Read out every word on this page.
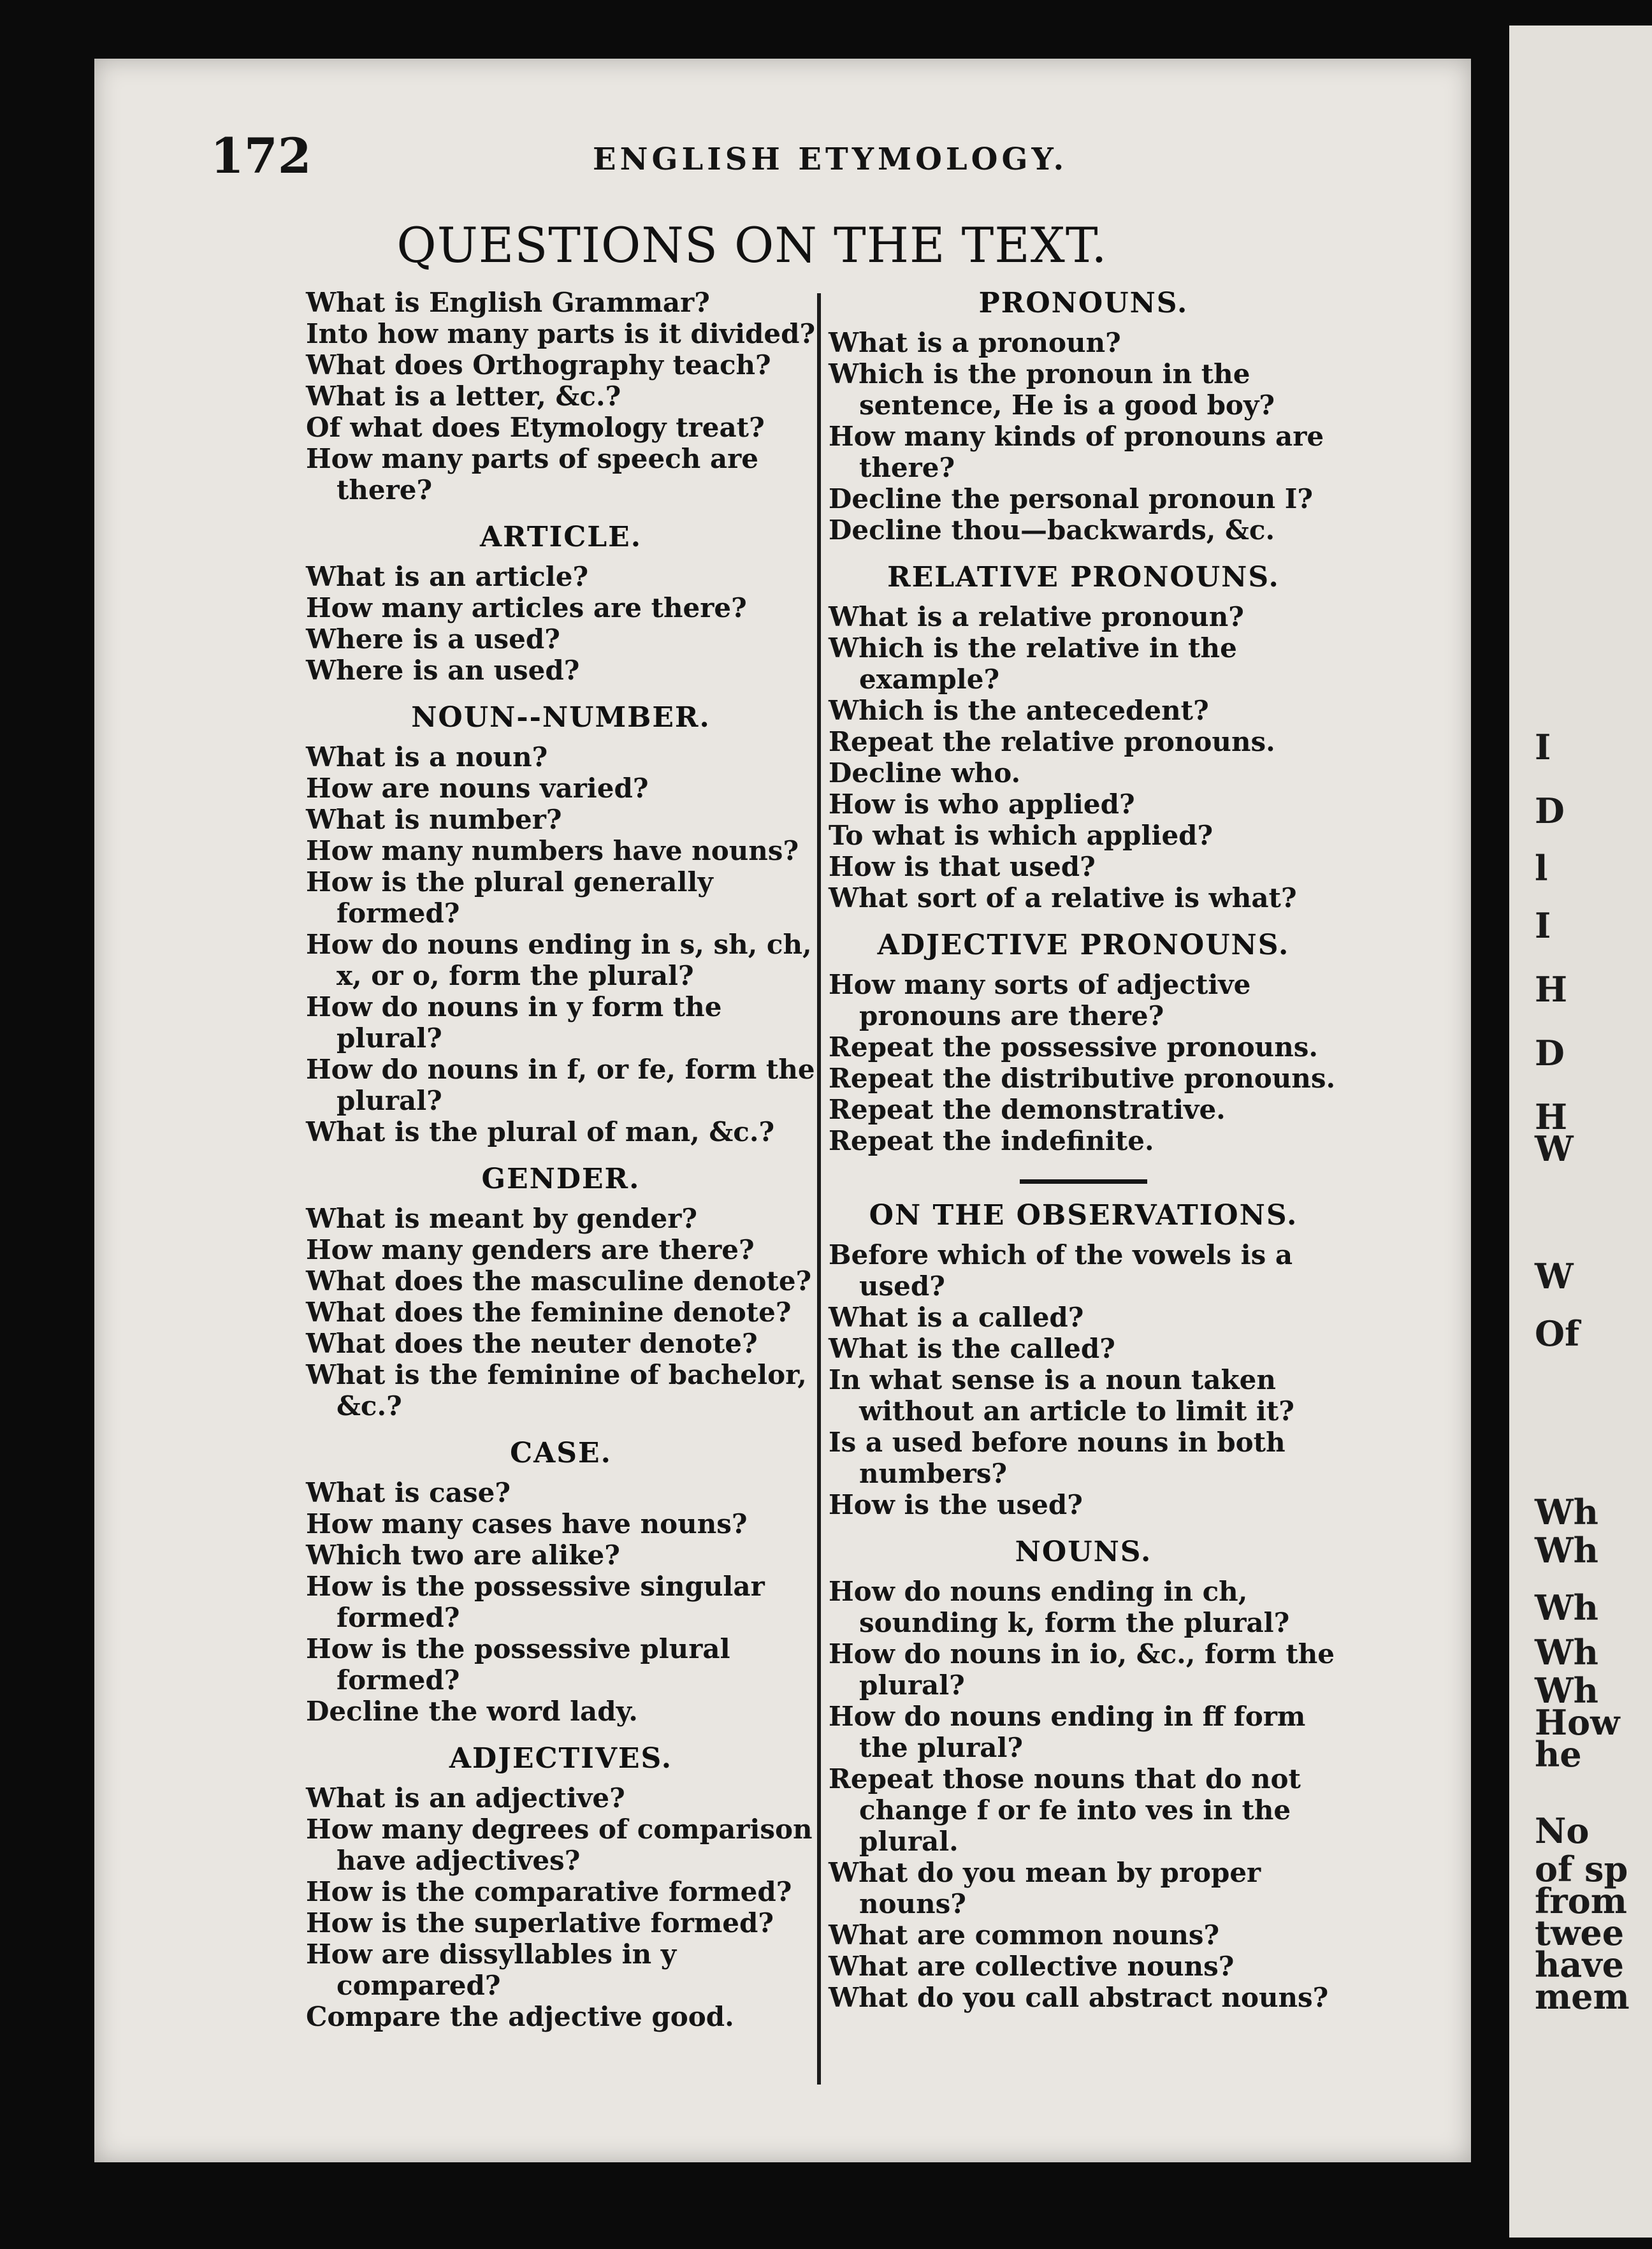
I
D
l
I
H
D
H
W
W
Of
Wh
Wh
Wh
Wh
Wh
How
he
No
of sp
from
twee
have
mem
172	ENGLISH ETYMOLOGY.
QUESTIONS ON THE TEXT.

What is English Grammar?

Into how many parts is it divided?

What does Orthography teach?

What is a letter, &c.?

Of what does Etymology treat?

How many parts of speech are there?

ARTICLE.

What is an article?

How many articles are there?

Where is a used?

Where is an used?

NOUN--NUMBER.

What is a noun?

How are nouns varied?

What is number?

How many numbers have nouns?

How is the plural generally formed?

How do nouns ending in s, sh, ch, x, or o, form the plural?

How do nouns in y form the plural?

How do nouns in f, or fe, form the plural?

What is the plural of man, &c.?

GENDER.

What is meant by gender?

How many genders are there?

What does the masculine denote?

What does the feminine denote?

What does the neuter denote?

What is the feminine of bachelor, &c.?

CASE.

What is case?

How many cases have nouns?

Which two are alike?

How is the possessive singular formed?

How is the possessive plural formed?

Decline the word lady.

ADJECTIVES.

What is an adjective?

How many degrees of comparison have adjectives?

How is the comparative formed?

How is the superlative formed?

How are dissyllables in y compared?

Compare the adjective good.

PRONOUNS.

What is a pronoun?

Which is the pronoun in the sentence, He is a good boy?

How many kinds of pronouns are there?

Decline the personal pronoun I?

Decline thou—backwards, &c.

RELATIVE PRONOUNS.

What is a relative pronoun?

Which is the relative in the example?

Which is the antecedent?

Repeat the relative pronouns.

Decline who.

How is who applied?

To what is which applied?

How is that used?

What sort of a relative is what?

ADJECTIVE PRONOUNS.

How many sorts of adjective pronouns are there?

Repeat the possessive pronouns.

Repeat the distributive pronouns.

Repeat the demonstrative.

Repeat the indefinite.

ON THE OBSERVATIONS.

Before which of the vowels is a used?

What is a called?

What is the called?

In what sense is a noun taken without an article to limit it?

Is a used before nouns in both numbers?

How is the used?

NOUNS.

How do nouns ending in ch, sounding k, form the plural?

How do nouns in io, &c., form the plural?

How do nouns ending in ff form the plural?

Repeat those nouns that do not change f or fe into ves in the plural.

What do you mean by proper nouns?

What are common nouns?

What are collective nouns?

What do you call abstract nouns?
